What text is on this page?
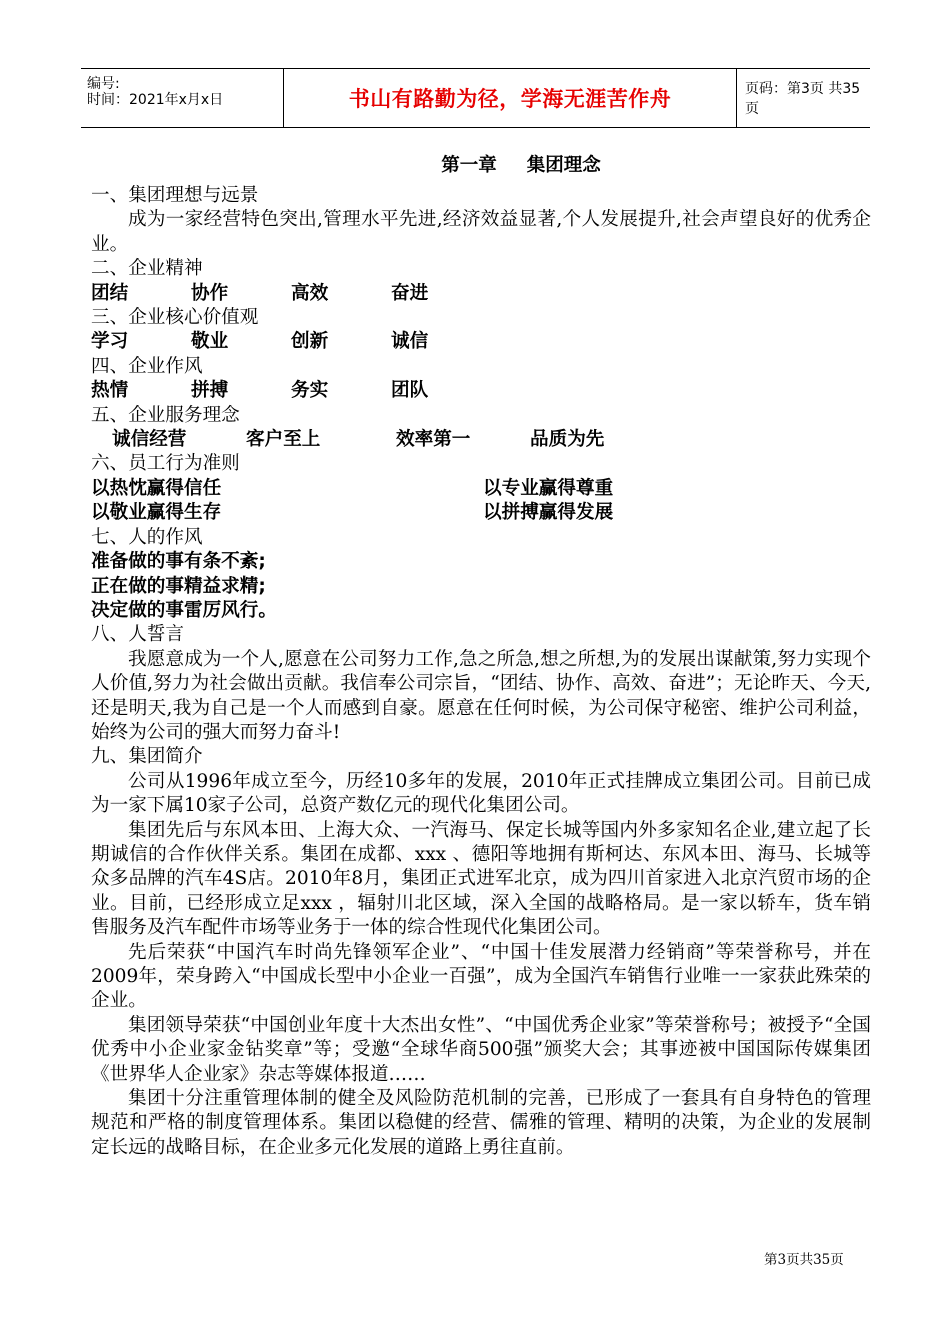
编号:
时间：2021年x月x日	书山有路勤为径，学海无涯苦作舟	页码：第3页 共35页
第一章 集团理念
一、集团理想与远景
成为一家经营特色突出,管理水平先进,经济效益显著,个人发展提升,社会声望良好的优秀企业。
二、企业精神
团结	协作	高效	奋进
三、企业核心价值观
学习	敬业	创新	诚信
四、企业作风
热情	拼搏	务实	团队
五、企业服务理念
诚信经营	客户至上	效率第一	品质为先
六、员工行为准则
以热忱赢得信任	以专业赢得尊重
以敬业赢得生存	以拼搏赢得发展
七、人的作风
准备做的事有条不紊;
正在做的事精益求精;
决定做的事雷厉风行。
八、人誓言
我愿意成为一个人,愿意在公司努力工作,急之所急,想之所想,为的发展出谋献策,努力实现个人价值,努力为社会做出贡献。我信奉公司宗旨，“团结、协作、高效、奋进”；无论昨天、今天,还是明天,我为自己是一个人而感到自豪。愿意在任何时候，为公司保守秘密、维护公司利益，始终为公司的强大而努力奋斗!
九、集团简介
公司从1996年成立至今，历经10多年的发展，2010年正式挂牌成立集团公司。目前已成为一家下属10家子公司，总资产数亿元的现代化集团公司。
集团先后与东风本田、上海大众、一汽海马、保定长城等国内外多家知名企业,建立起了长期诚信的合作伙伴关系。集团在成都、xxx 、德阳等地拥有斯柯达、东风本田、海马、长城等众多品牌的汽车4S店。2010年8月，集团正式进军北京，成为四川首家进入北京汽贸市场的企业。目前，已经形成立足xxx ，辐射川北区域，深入全国的战略格局。是一家以轿车，货车销售服务及汽车配件市场等业务于一体的综合性现代化集团公司。
先后荣获“中国汽车时尚先锋领军企业”、“中国十佳发展潜力经销商”等荣誉称号，并在2009年，荣身跨入“中国成长型中小企业一百强”，成为全国汽车销售行业唯一一家获此殊荣的企业。
集团领导荣获“中国创业年度十大杰出女性”、“中国优秀企业家”等荣誉称号；被授予“全国优秀中小企业家金钻奖章”等；受邀“全球华商500强”颁奖大会；其事迹被中国国际传媒集团《世界华人企业家》杂志等媒体报道……
集团十分注重管理体制的健全及风险防范机制的完善，已形成了一套具有自身特色的管理规范和严格的制度管理体系。集团以稳健的经营、儒雅的管理、精明的决策，为企业的发展制定长远的战略目标，在企业多元化发展的道路上勇往直前。
第3页共35页
